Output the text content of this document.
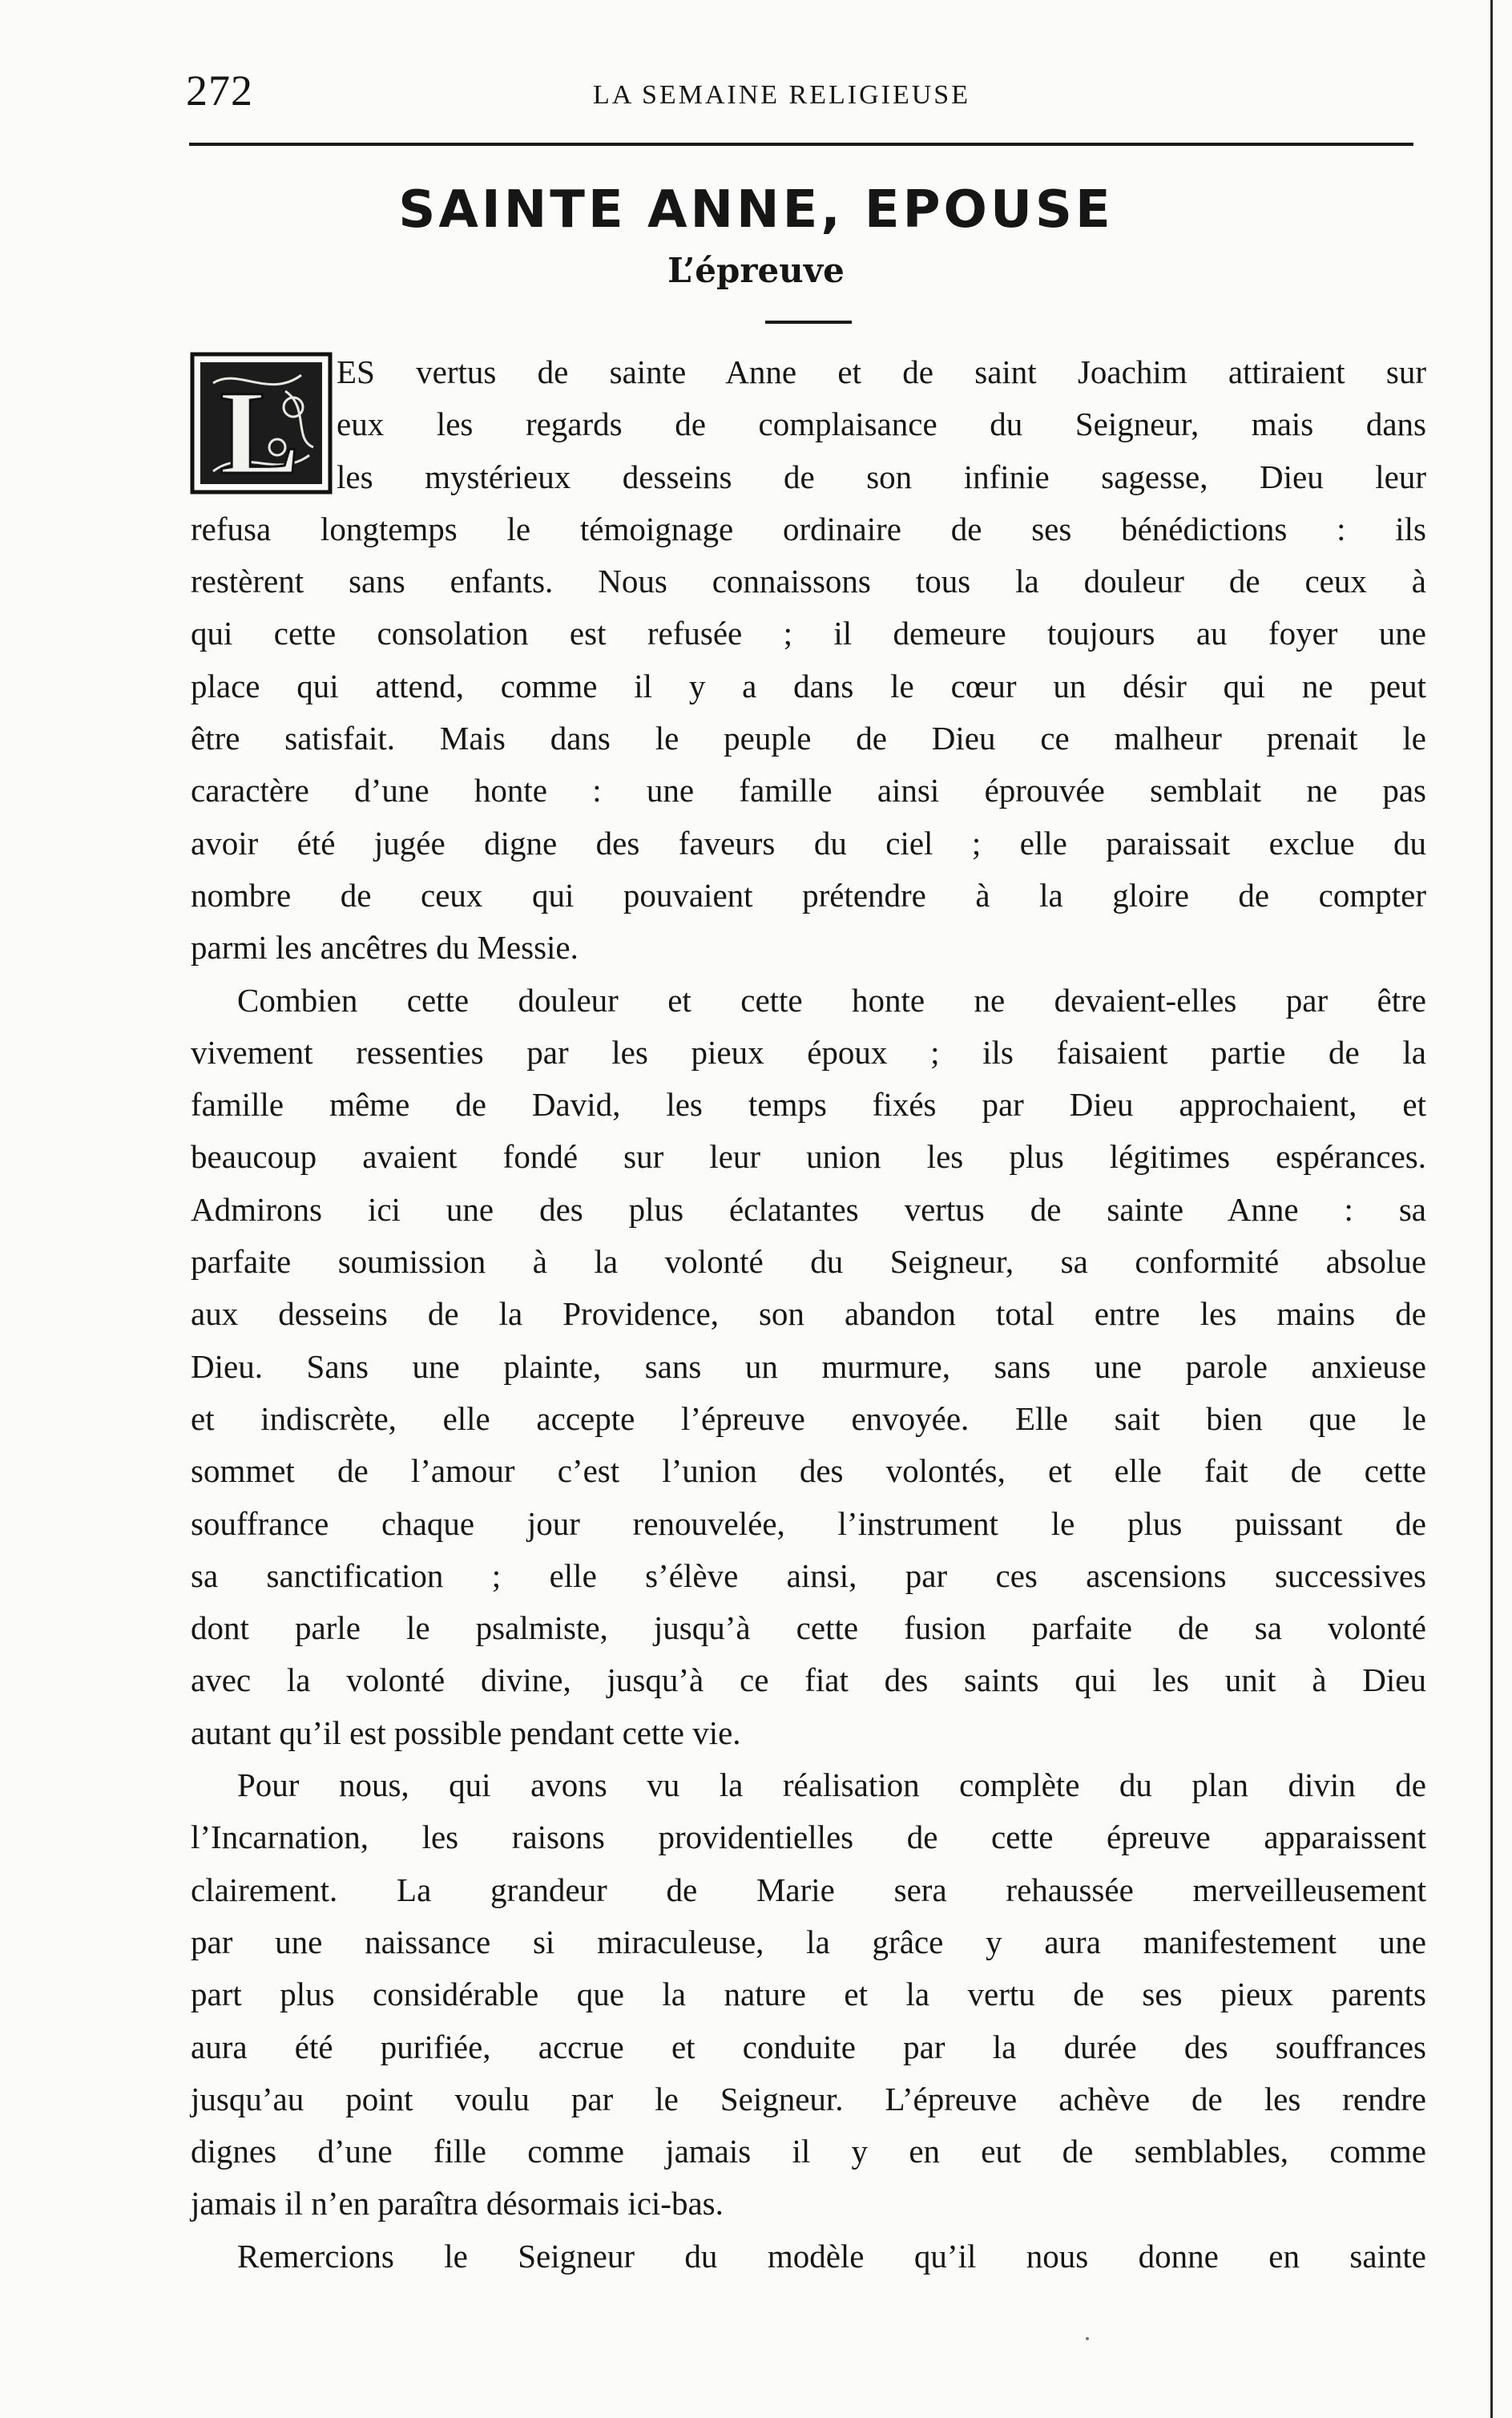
272	LA SEMAINE RELIGIEUSE
SAINTE ANNE, EPOUSE
L’épreuve
L	ES vertus de sainte Anne et de saint Joachim attiraient sur
eux les regards de complaisance du Seigneur, mais dans
les mystérieux desseins de son infinie sagesse, Dieu leur
refusa longtemps le témoignage ordinaire de ses bénédictions : ils
restèrent sans enfants. Nous connaissons tous la douleur de ceux à
qui cette consolation est refusée ; il demeure toujours au foyer une
place qui attend, comme il y a dans le cœur un désir qui ne peut
être satisfait. Mais dans le peuple de Dieu ce malheur prenait le
caractère d’une honte : une famille ainsi éprouvée semblait ne pas
avoir été jugée digne des faveurs du ciel ; elle paraissait exclue du
nombre de ceux qui pouvaient prétendre à la gloire de compter
parmi les ancêtres du Messie.
Combien cette douleur et cette honte ne devaient-elles par être
vivement ressenties par les pieux époux ; ils faisaient partie de la
famille même de David, les temps fixés par Dieu approchaient, et
beaucoup avaient fondé sur leur union les plus légitimes espérances.
Admirons ici une des plus éclatantes vertus de sainte Anne : sa
parfaite soumission à la volonté du Seigneur, sa conformité absolue
aux desseins de la Providence, son abandon total entre les mains de
Dieu. Sans une plainte, sans un murmure, sans une parole anxieuse
et indiscrète, elle accepte l’épreuve envoyée. Elle sait bien que le
sommet de l’amour c’est l’union des volontés, et elle fait de cette
souffrance chaque jour renouvelée, l’instrument le plus puissant de
sa sanctification ; elle s’élève ainsi, par ces ascensions successives
dont parle le psalmiste, jusqu’à cette fusion parfaite de sa volonté
avec la volonté divine, jusqu’à ce fiat des saints qui les unit à Dieu
autant qu’il est possible pendant cette vie.
Pour nous, qui avons vu la réalisation complète du plan divin de
l’Incarnation, les raisons providentielles de cette épreuve apparaissent
clairement. La grandeur de Marie sera rehaussée merveilleusement
par une naissance si miraculeuse, la grâce y aura manifestement une
part plus considérable que la nature et la vertu de ses pieux parents
aura été purifiée, accrue et conduite par la durée des souffrances
jusqu’au point voulu par le Seigneur. L’épreuve achève de les rendre
dignes d’une fille comme jamais il y en eut de semblables, comme
jamais il n’en paraîtra désormais ici-bas.
Remercions le Seigneur du modèle qu’il nous donne en sainte
